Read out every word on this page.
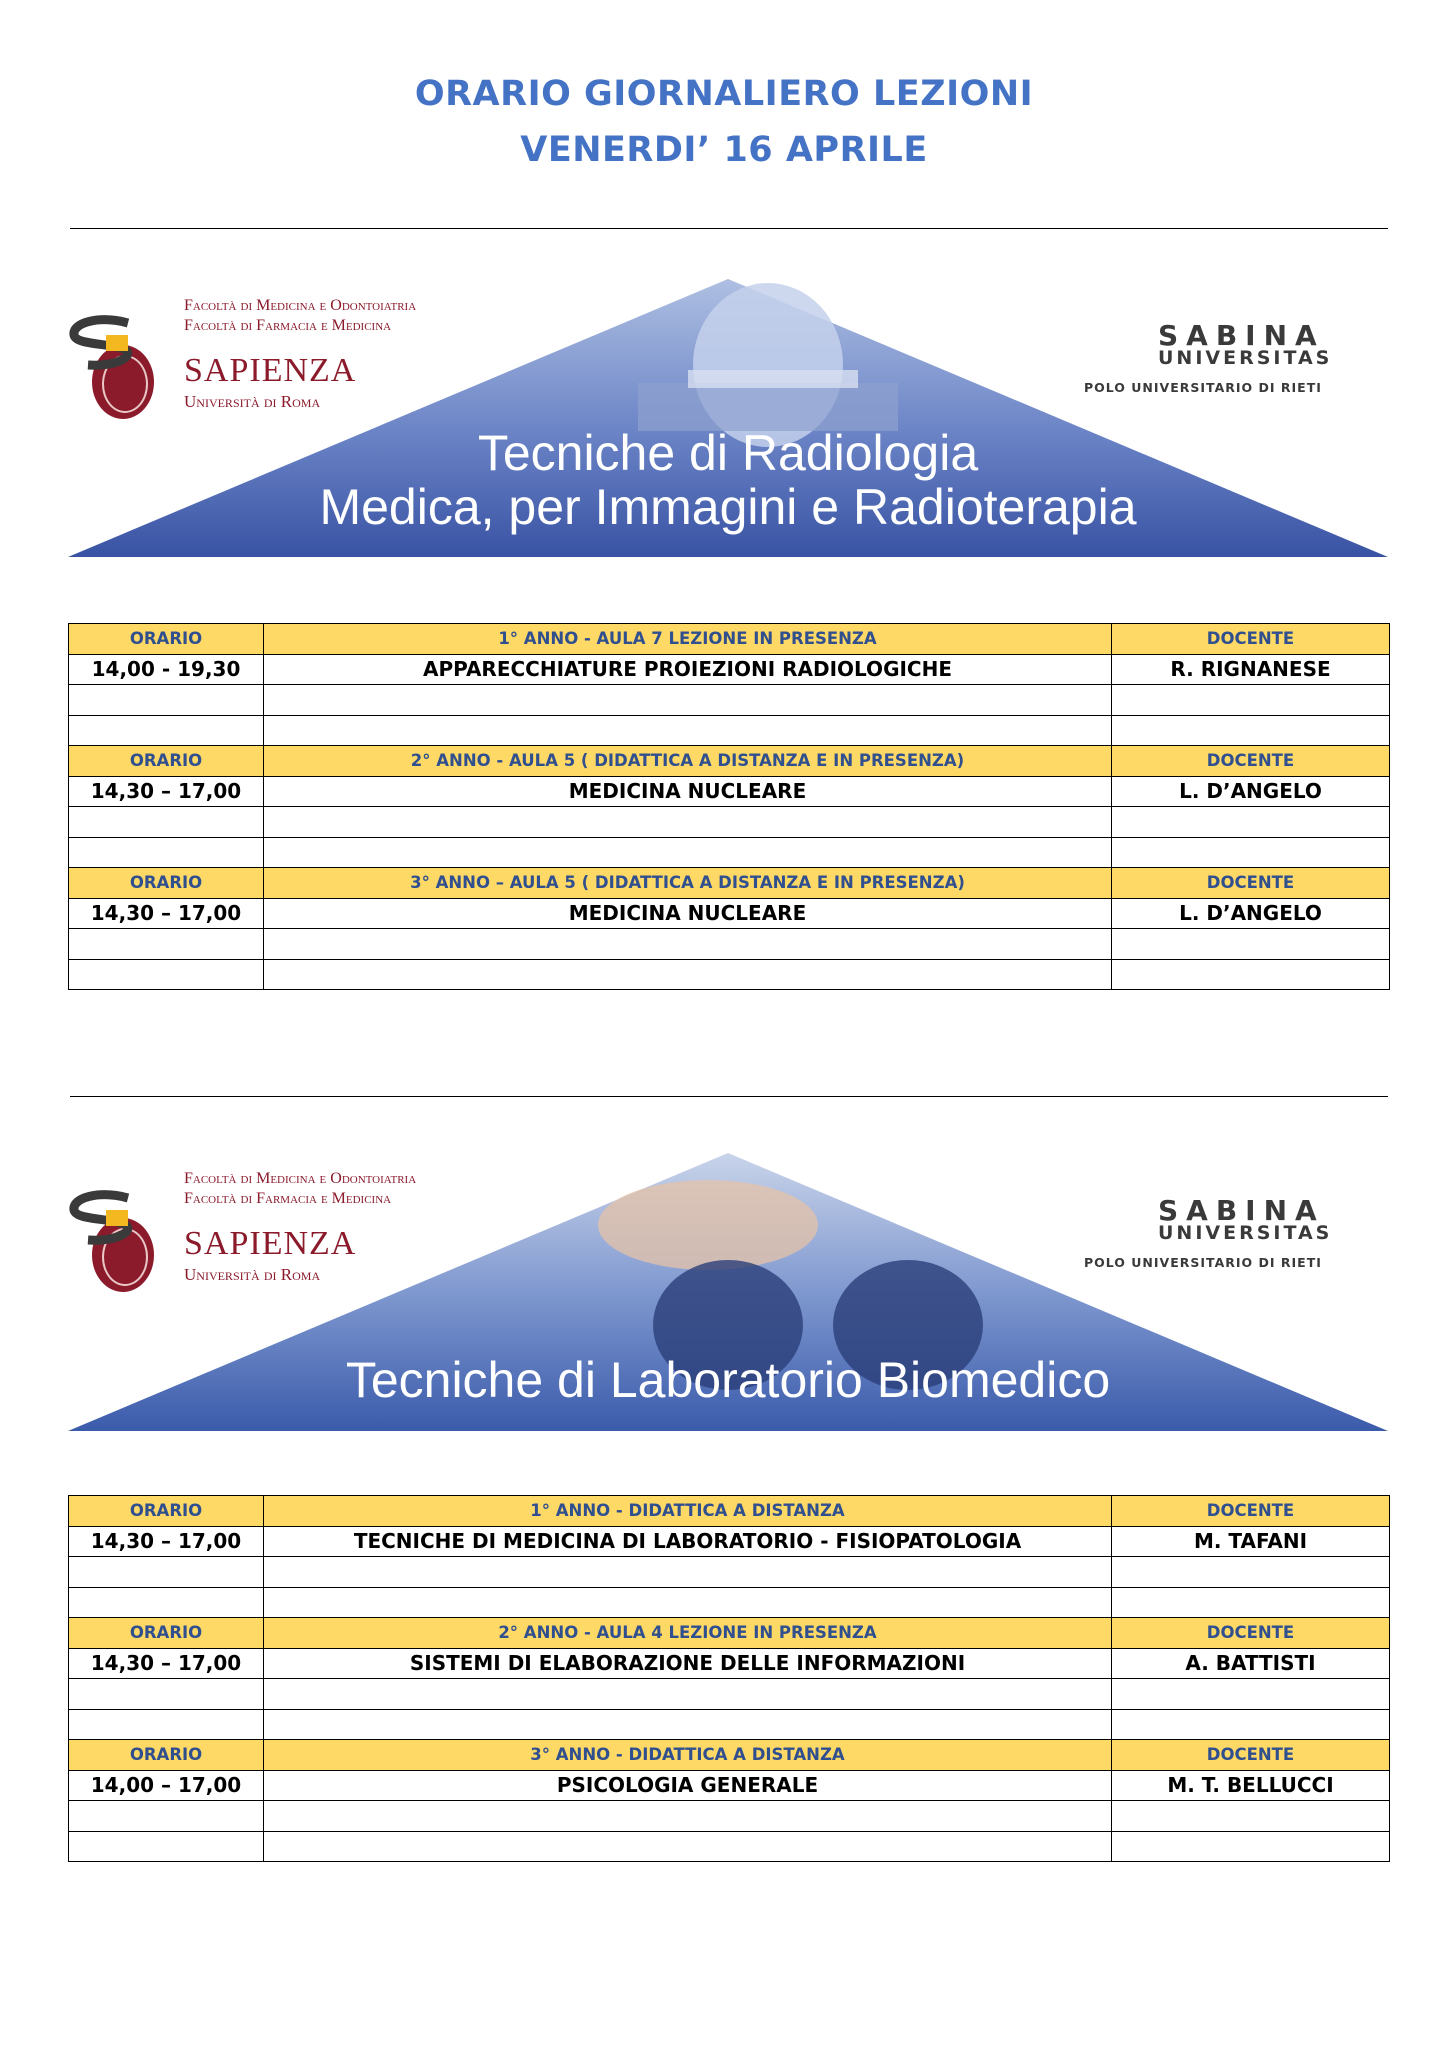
ORARIO GIORNALIERO LEZIONI
VENERDI’ 16 APRILE
Facoltà di Medicina e Odontoiatria
Facoltà di Farmacia e Medicina
SAPIENZA
Università di Roma
SABINA
UNIVERSITAS
POLO UNIVERSITARIO DI RIETI
Tecniche di Radiologia
Medica, per Immagini e Radioterapia
ORARIO	1° ANNO - AULA 7 LEZIONE IN PRESENZA	DOCENTE
14,00 - 19,30	APPARECCHIATURE PROIEZIONI RADIOLOGICHE	R. RIGNANESE

ORARIO	2° ANNO - AULA 5 ( DIDATTICA A DISTANZA E IN PRESENZA)	DOCENTE
14,30 – 17,00	MEDICINA NUCLEARE	L. D’ANGELO

ORARIO	3° ANNO – AULA 5 ( DIDATTICA A DISTANZA E IN PRESENZA)	DOCENTE
14,30 – 17,00	MEDICINA NUCLEARE	L. D’ANGELO

Facoltà di Medicina e Odontoiatria
Facoltà di Farmacia e Medicina
SAPIENZA
Università di Roma
SABINA
UNIVERSITAS
POLO UNIVERSITARIO DI RIETI
Tecniche di Laboratorio Biomedico
ORARIO	1° ANNO - DIDATTICA A DISTANZA	DOCENTE
14,30 – 17,00	TECNICHE DI MEDICINA DI LABORATORIO - FISIOPATOLOGIA	M. TAFANI

ORARIO	2° ANNO - AULA 4 LEZIONE IN PRESENZA	DOCENTE
14,30 – 17,00	SISTEMI DI ELABORAZIONE DELLE INFORMAZIONI	A. BATTISTI

ORARIO	3° ANNO - DIDATTICA A DISTANZA	DOCENTE
14,00 – 17,00	PSICOLOGIA GENERALE	M. T. BELLUCCI
